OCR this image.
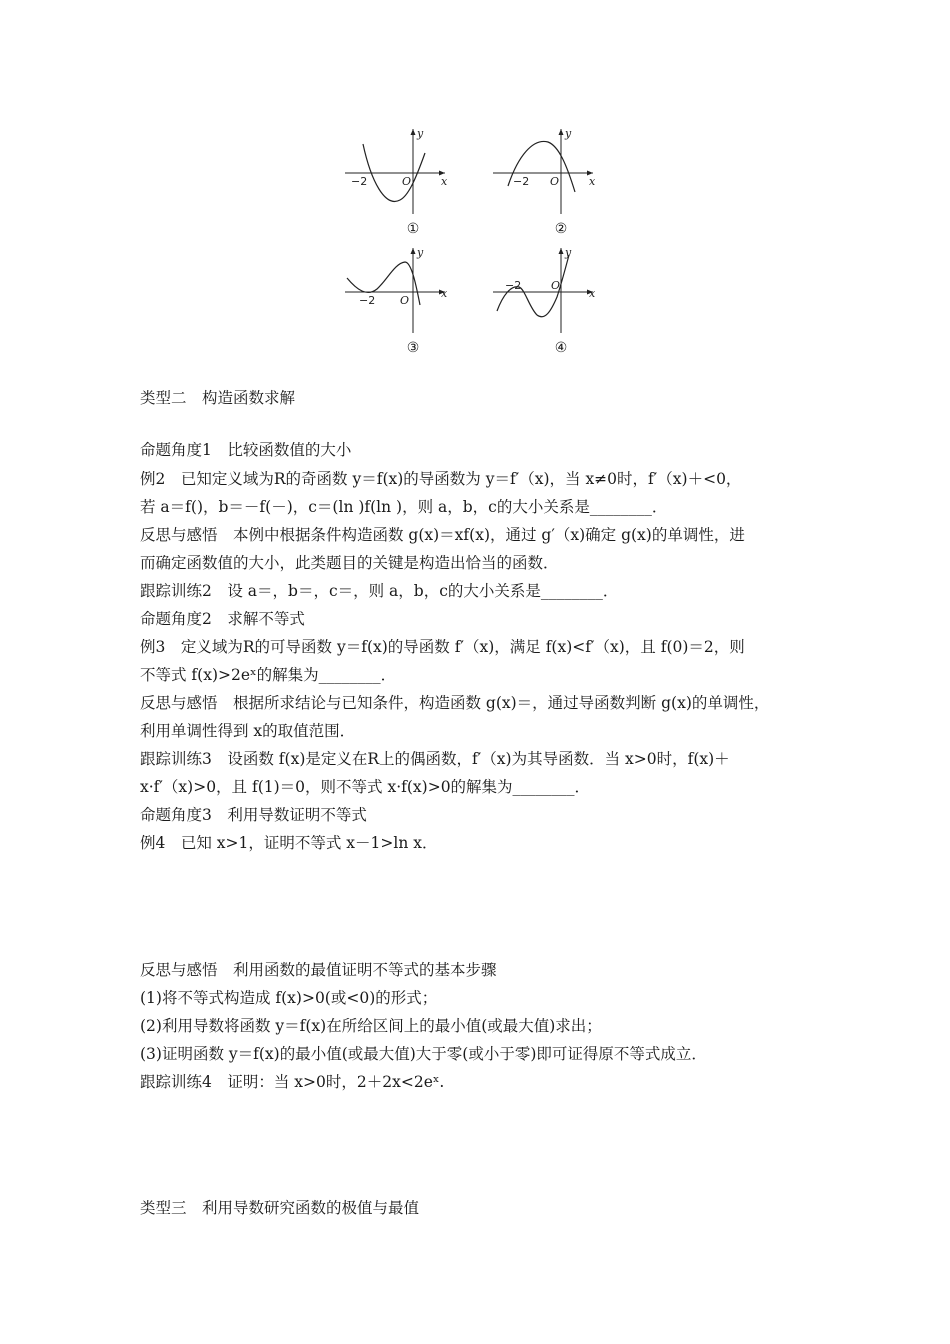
y
x
O
−2
①
y
x
O
−2
②
y
x
O
−2
③
y
x
O
−2
④
类型二　构造函数求解
命题角度1　比较函数值的大小
例2　已知定义域为R的奇函数 y＝f(x)的导函数为 y＝f′（x)，当 x≠0时，f′（x)＋<0，
若 a＝f()，b＝－f(－)，c＝(ln )f(ln )，则 a，b，c的大小关系是________．
反思与感悟　本例中根据条件构造函数 g(x)＝xf(x)，通过 g′（x)确定 g(x)的单调性，进
而确定函数值的大小，此类题目的关键是构造出恰当的函数．
跟踪训练2　设 a＝，b＝，c＝，则 a，b，c的大小关系是________．
命题角度2　求解不等式
例3　定义域为R的可导函数 y＝f(x)的导函数 f′（x)，满足 f(x)<f′（x)，且 f(0)＝2，则
不等式 f(x)>2eˣ的解集为________．
反思与感悟　根据所求结论与已知条件，构造函数 g(x)＝，通过导函数判断 g(x)的单调性，
利用单调性得到 x的取值范围．
跟踪训练3　设函数 f(x)是定义在R上的偶函数，f′（x)为其导函数．当 x>0时，f(x)＋
x·f′（x)>0，且 f(1)＝0，则不等式 x·f(x)>0的解集为________．
命题角度3　利用导数证明不等式
例4　已知 x>1，证明不等式 x－1>ln x．
反思与感悟　利用函数的最值证明不等式的基本步骤
(1)将不等式构造成 f(x)>0(或<0)的形式；
(2)利用导数将函数 y＝f(x)在所给区间上的最小值(或最大值)求出；
(3)证明函数 y＝f(x)的最小值(或最大值)大于零(或小于零)即可证得原不等式成立．
跟踪训练4　证明：当 x>0时，2＋2x<2eˣ.
类型三　利用导数研究函数的极值与最值
